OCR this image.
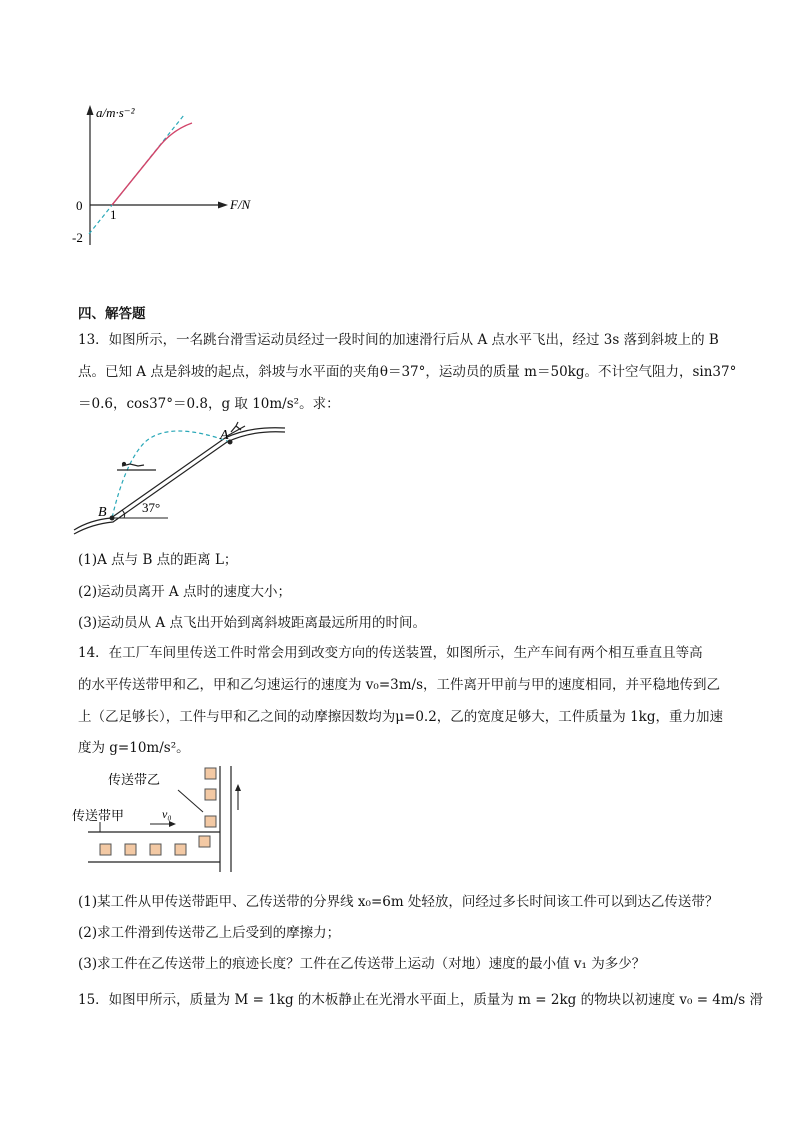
a/m·s⁻²
F/N
0
1
-2
四、解答题
13．如图所示，一名跳台滑雪运动员经过一段时间的加速滑行后从 A 点水平飞出，经过 3s 落到斜坡上的 B
点。已知 A 点是斜坡的起点，斜坡与水平面的夹角θ＝37°，运动员的质量 m＝50kg。不计空气阻力，sin37°
＝0.6，cos37°＝0.8，g 取 10m/s²。求：
A
B	37°
(1)A 点与 B 点的距离 L；
(2)运动员离开 A 点时的速度大小；
(3)运动员从 A 点飞出开始到离斜坡距离最远所用的时间。
14．在工厂车间里传送工件时常会用到改变方向的传送装置，如图所示，生产车间有两个相互垂直且等高
的水平传送带甲和乙，甲和乙匀速运行的速度为 v₀=3m/s，工件离开甲前与甲的速度相同，并平稳地传到乙
上（乙足够长），工件与甲和乙之间的动摩擦因数均为μ=0.2，乙的宽度足够大，工件质量为 1kg，重力加速
度为 g=10m/s²。
传送带乙
传送带甲	v₀
(1)某工件从甲传送带距甲、乙传送带的分界线 x₀=6m 处轻放，问经过多长时间该工件可以到达乙传送带？
(2)求工件滑到传送带乙上后受到的摩擦力；
(3)求工件在乙传送带上的痕迹长度？工件在乙传送带上运动（对地）速度的最小值 v₁ 为多少？
15．如图甲所示，质量为 M = 1kg 的木板静止在光滑水平面上，质量为 m = 2kg 的物块以初速度 v₀ = 4m/s 滑
